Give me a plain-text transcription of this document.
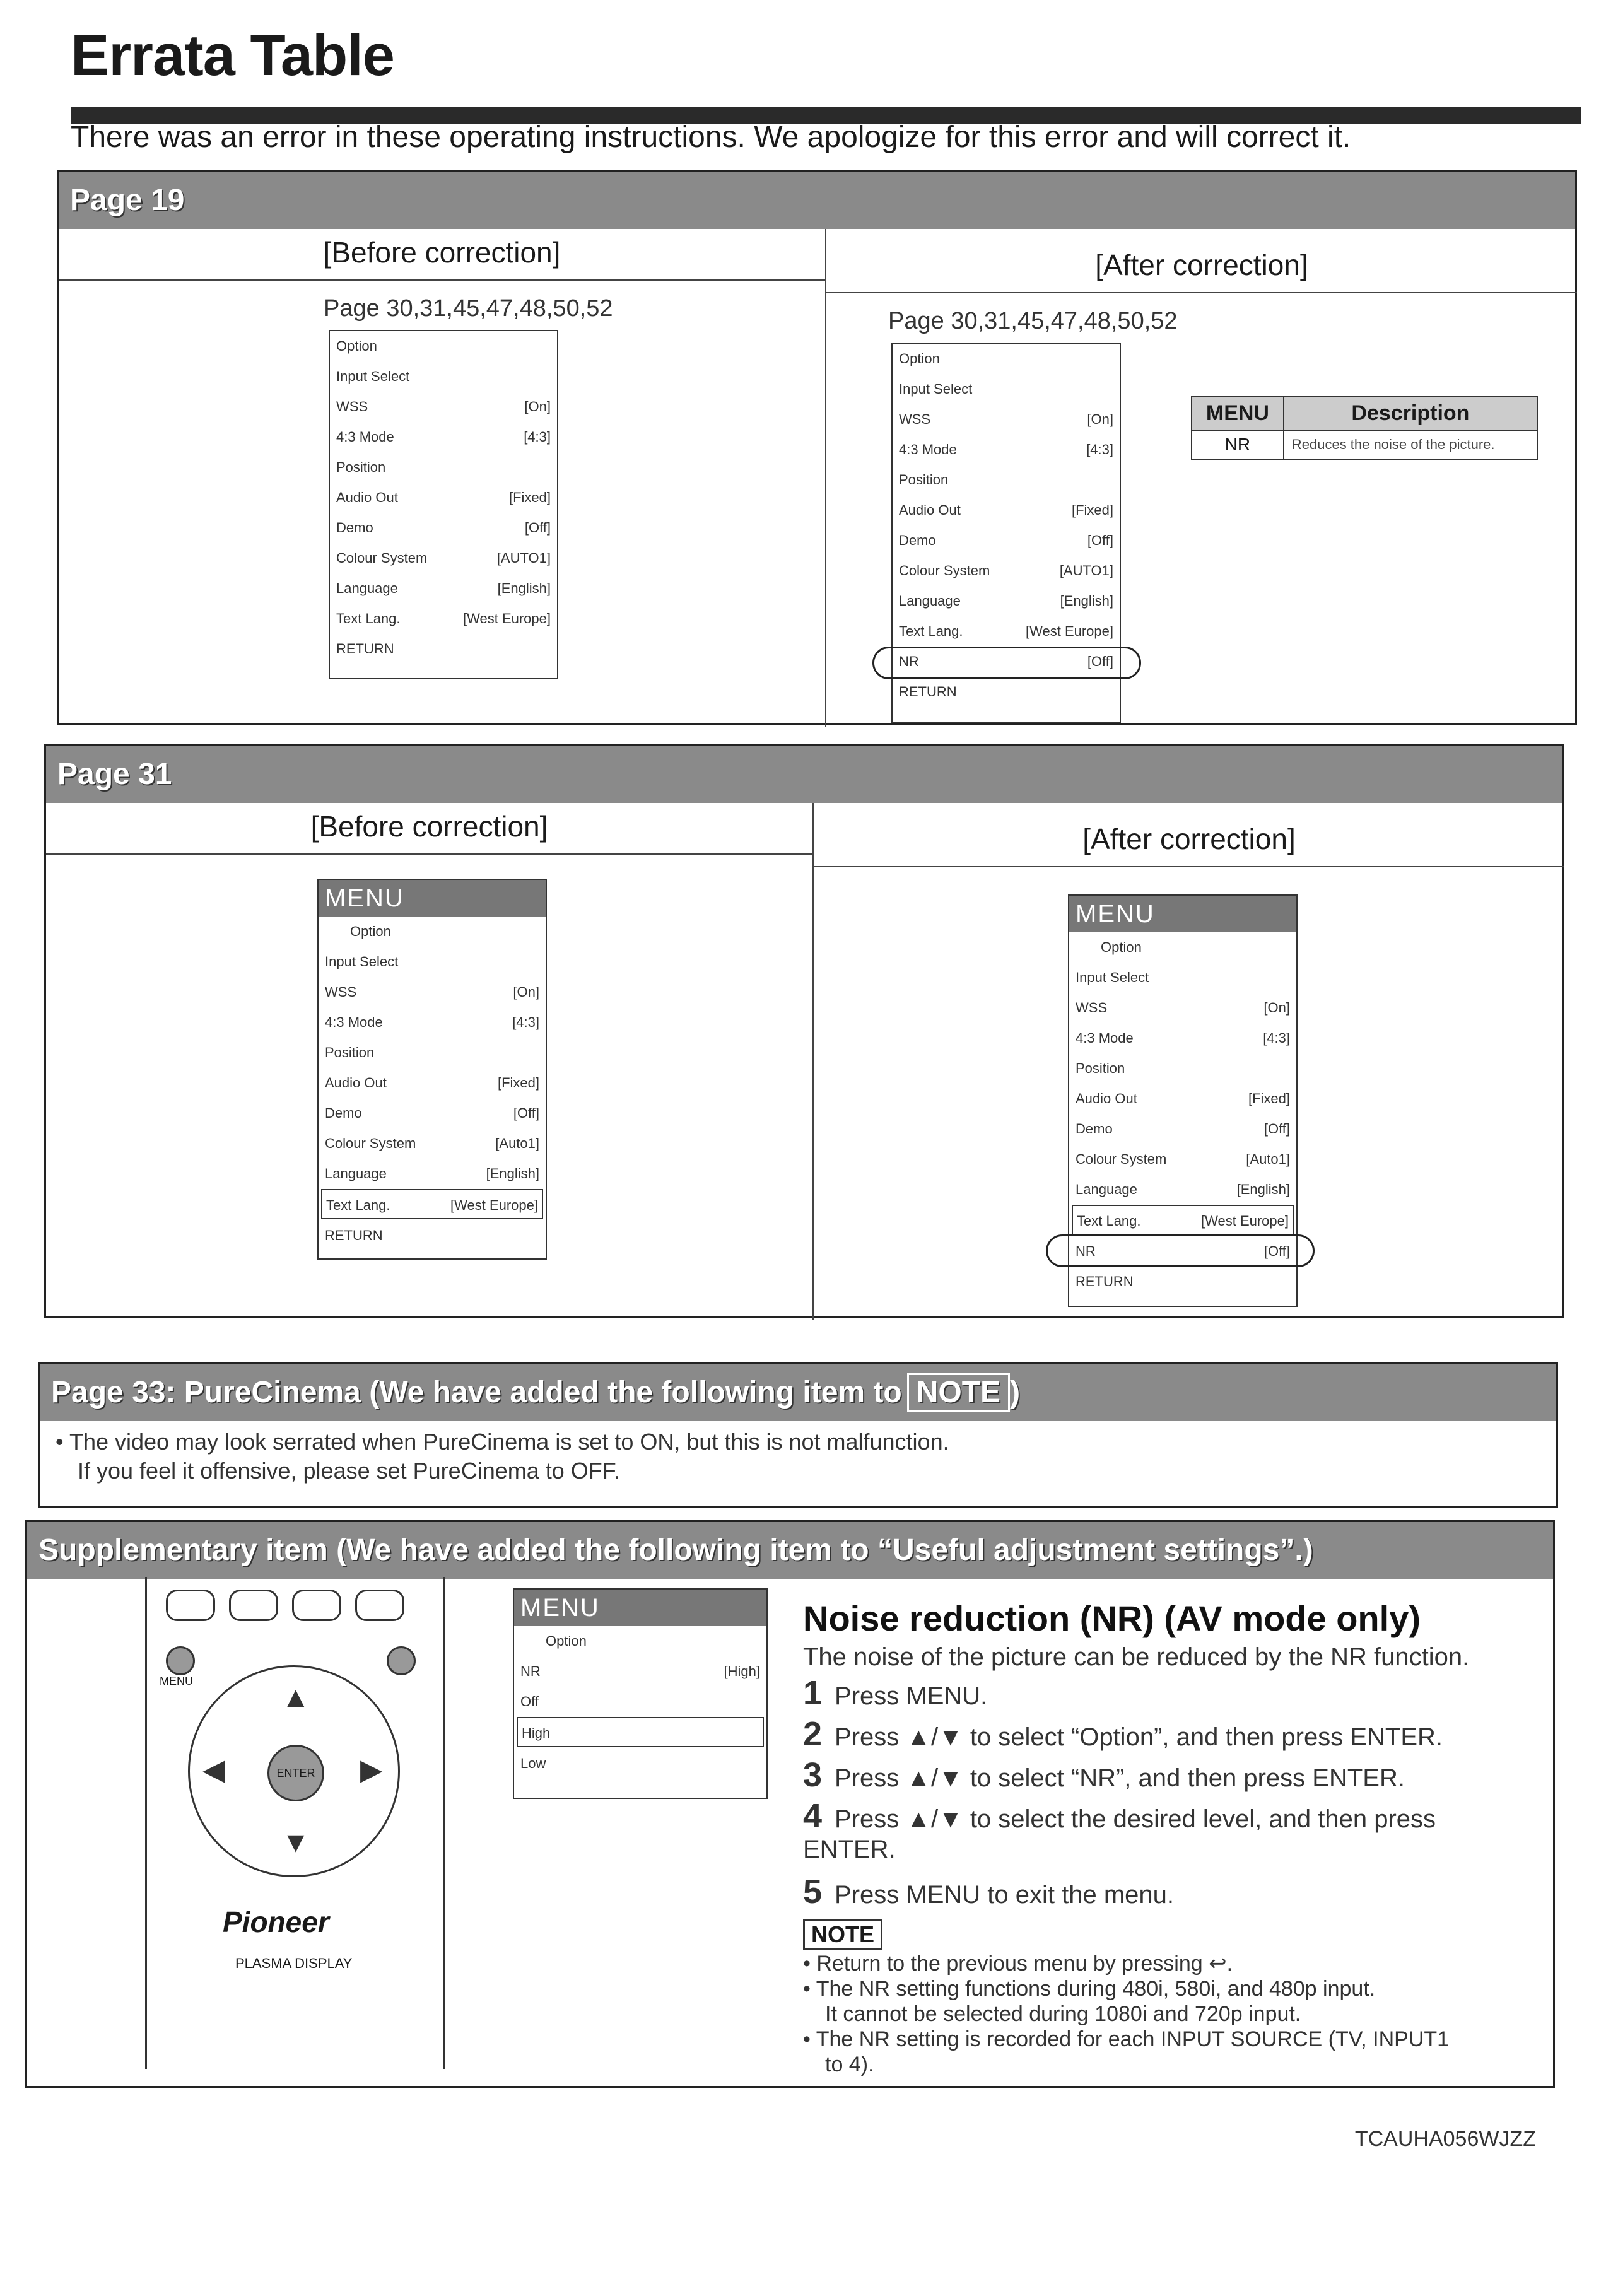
Errata Table
There was an error in these operating instructions. We apologize for this error and will correct it.
Page 19
[Before correction]	[After correction]
Page 30,31,45,47,48,50,52
Option
Input Select
WSS	[On]
4:3 Mode	[4:3]
Position
Audio Out	[Fixed]
Demo	[Off]
Colour System	[AUTO1]
Language	[English]
Text Lang.	[West Europe]
RETURN
Page 30,31,45,47,48,50,52
Option
Input Select
WSS	[On]
4:3 Mode	[4:3]
Position
Audio Out	[Fixed]
Demo	[Off]
Colour System	[AUTO1]
Language	[English]
Text Lang.	[West Europe]
NR	[Off]
RETURN
MENU	Description
NR	Reduces the noise of the picture.
Page 31
[Before correction]	[After correction]
MENU
Option
Input Select
WSS	[On]
4:3 Mode	[4:3]
Position
Audio Out	[Fixed]
Demo	[Off]
Colour System	[Auto1]
Language	[English]
Text Lang.	[West Europe]
RETURN
MENU
Option
Input Select
WSS	[On]
4:3 Mode	[4:3]
Position
Audio Out	[Fixed]
Demo	[Off]
Colour System	[Auto1]
Language	[English]
Text Lang.	[West Europe]
NR	[Off]
RETURN
Page 33: PureCinema (We have added the following item to NOTE )
• The video may look serrated when PureCinema is set to ON, but this is not malfunction.
If you feel it offensive, please set PureCinema to OFF.
Supplementary item (We have added the following item to “Useful adjustment settings”.)
Noise reduction (NR) (AV mode only)
The noise of the picture can be reduced by the NR function.
1 Press MENU.
2 Press ▲/▼ to select “Option”, and then press ENTER.
3 Press ▲/▼ to select “NR”, and then press ENTER.
4 Press ▲/▼ to select the desired level, and then press ENTER.
5 Press MENU to exit the menu.
NOTE
• Return to the previous menu by pressing ↩.
• The NR setting functions during 480i, 580i, and 480p input.
It cannot be selected during 1080i and 720p input.
• The NR setting is recorded for each INPUT SOURCE (TV, INPUT1
to 4).
MENU
Option
NR	[High]
Off
High
Low
MENU	▲
▼
◀	▶
ENTER
Pioneer
PLASMA DISPLAY
TCAUHA056WJZZ
